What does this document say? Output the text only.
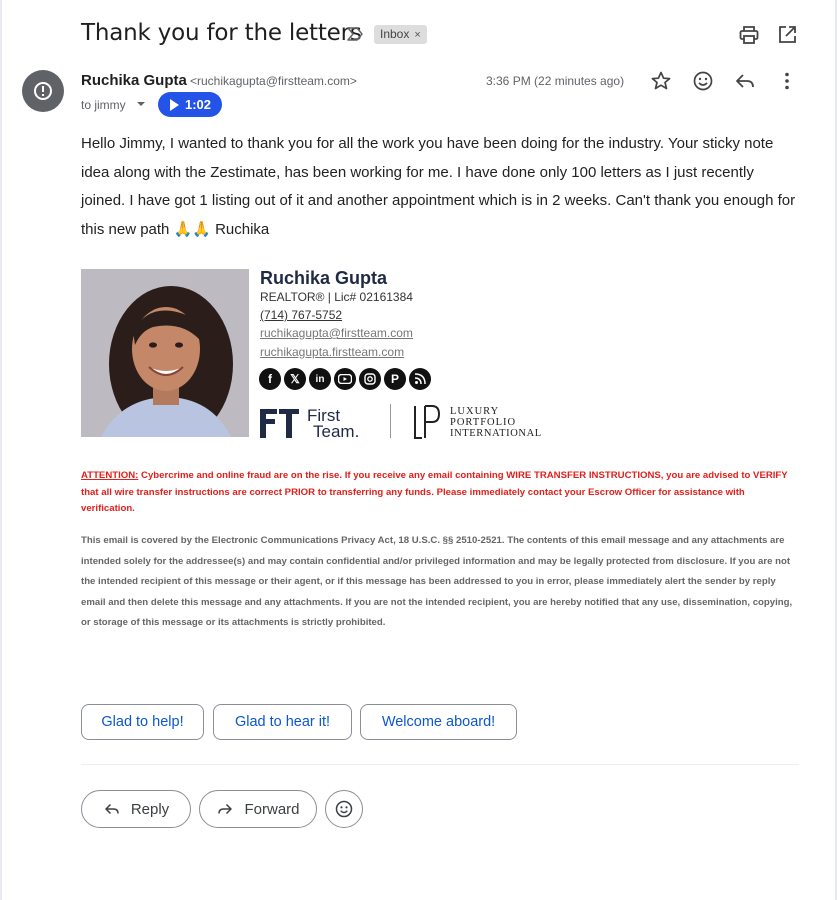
Thank you for the letters	Inbox ×
Ruchika Gupta <ruchikagupta@firstteam.com>
to jimmy	1:02
3:36 PM (22 minutes ago)
Hello Jimmy, I wanted to thank you for all the work you have been doing for the industry. Your sticky note idea along with the Zestimate, has been working for me. I have done only 100 letters as I just recently joined. I have got 1 listing out of it and another appointment which is in 2 weeks. Can't thank you enough for this new path 🙏🙏 Ruchika
Ruchika Gupta
REALTOR® | Lic# 02161384
(714) 767-5752
ruchikagupta@firstteam.com
ruchikagupta.firstteam.com
f	𝕏	in	P
First
Team.
LUXURY
PORTFOLIO
INTERNATIONAL
ATTENTION: Cybercrime and online fraud are on the rise. If you receive any email containing WIRE TRANSFER INSTRUCTIONS, you are advised to VERIFY that all wire transfer instructions are correct PRIOR to transferring any funds. Please immediately contact your Escrow Officer for assistance with verification.
This email is covered by the Electronic Communications Privacy Act, 18 U.S.C. §§ 2510-2521. The contents of this email message and any attachments are intended solely for the addressee(s) and may contain confidential and/or privileged information and may be legally protected from disclosure. If you are not the intended recipient of this message or their agent, or if this message has been addressed to you in error, please immediately alert the sender by reply email and then delete this message and any attachments. If you are not the intended recipient, you are hereby notified that any use, dissemination, copying, or storage of this message or its attachments is strictly prohibited.
Glad to help!	Glad to hear it!	Welcome aboard!
Reply	Forward
